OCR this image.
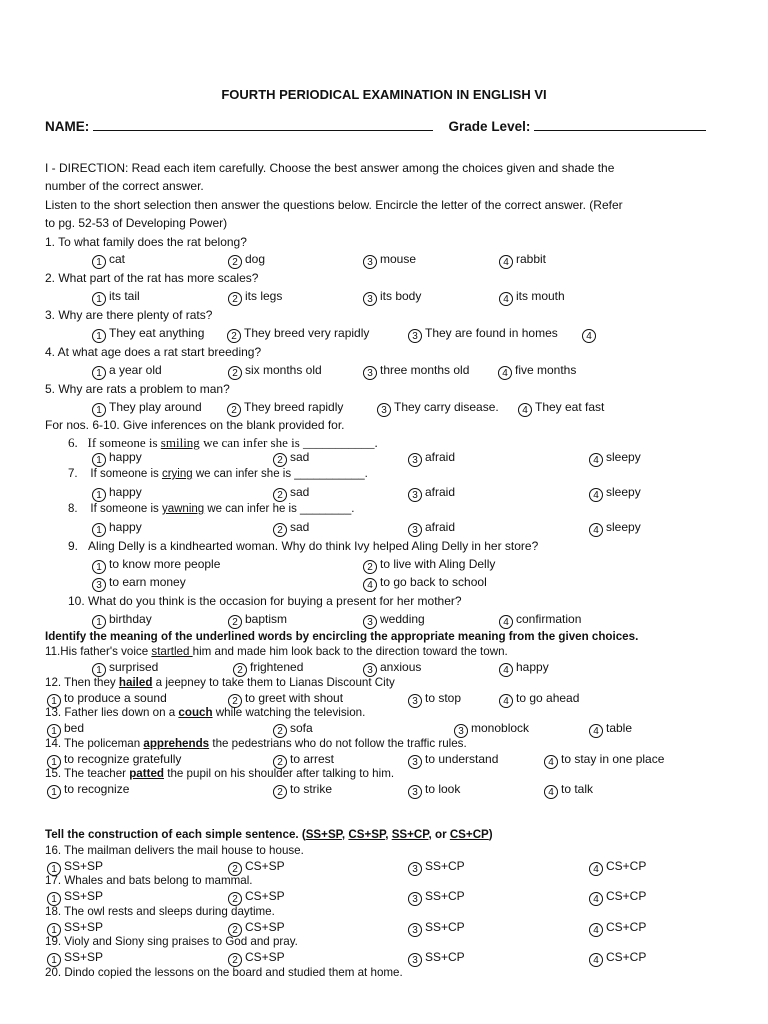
FOURTH PERIODICAL EXAMINATION IN ENGLISH VI
NAME:	Grade Level:
I - DIRECTION: Read each item carefully. Choose the best answer among the choices given and shade the
number of the correct answer.
Listen to the short selection then answer the questions below. Encircle the letter of the correct answer. (Refer
to pg. 52-53 of Developing Power)
1. To what family does the rat belong?
1 cat	2 dog	3 mouse	4 rabbit
2. What part of the rat has more scales?
1 its tail	2 its legs	3 its body	4 its mouth
3. Why are there plenty of rats?
1 They eat anything	2 They breed very rapidly	3 They are found in homes	4
4. At what age does a rat start breeding?
1 a year old	2 six months old	3 three months old	4 five months
5. Why are rats a problem to man?
1 They play around	2 They breed rapidly	3 They carry disease.	4 They eat fast
For nos. 6-10. Give inferences on the blank provided for.
6. If someone is smiling we can infer she is ___________.
1 happy	2 sad	3 afraid	4 sleepy
7. If someone is crying we can infer she is ___________.
1 happy	2 sad	3 afraid	4 sleepy
8. If someone is yawning we can infer he is ________.
1 happy	2 sad	3 afraid	4 sleepy
9. Aling Delly is a kindhearted woman. Why do think Ivy helped Aling Delly in her store?
1 to know more people	2 to live with Aling Delly
3 to earn money	4 to go back to school
10. What do you think is the occasion for buying a present for her mother?
1 birthday	2 baptism	3 wedding	4 confirmation
Identify the meaning of the underlined words by encircling the appropriate meaning from the given choices.
11.His father's voice startled him and made him look back to the direction toward the town.
1 surprised	2 frightened	3 anxious	4 happy
12. Then they hailed a jeepney to take them to Lianas Discount City
1 to produce a sound	2 to greet with shout	3 to stop	4 to go ahead
13. Father lies down on a couch while watching the television.
1 bed	2 sofa	3 monoblock	4 table
14. The policeman apprehends the pedestrians who do not follow the traffic rules.
1 to recognize gratefully	2 to arrest	3 to understand	4 to stay in one place
15. The teacher patted the pupil on his shoulder after talking to him.
1 to recognize	2 to strike	3 to look	4 to talk
Tell the construction of each simple sentence. (SS+SP, CS+SP, SS+CP, or CS+CP)
16. The mailman delivers the mail house to house.
1 SS+SP	2 CS+SP	3 SS+CP	4 CS+CP
17. Whales and bats belong to mammal.
1 SS+SP	2 CS+SP	3 SS+CP	4 CS+CP
18. The owl rests and sleeps during daytime.
1 SS+SP	2 CS+SP	3 SS+CP	4 CS+CP
19. Violy and Siony sing praises to God and pray.
1 SS+SP	2 CS+SP	3 SS+CP	4 CS+CP
20. Dindo copied the lessons on the board and studied them at home.
